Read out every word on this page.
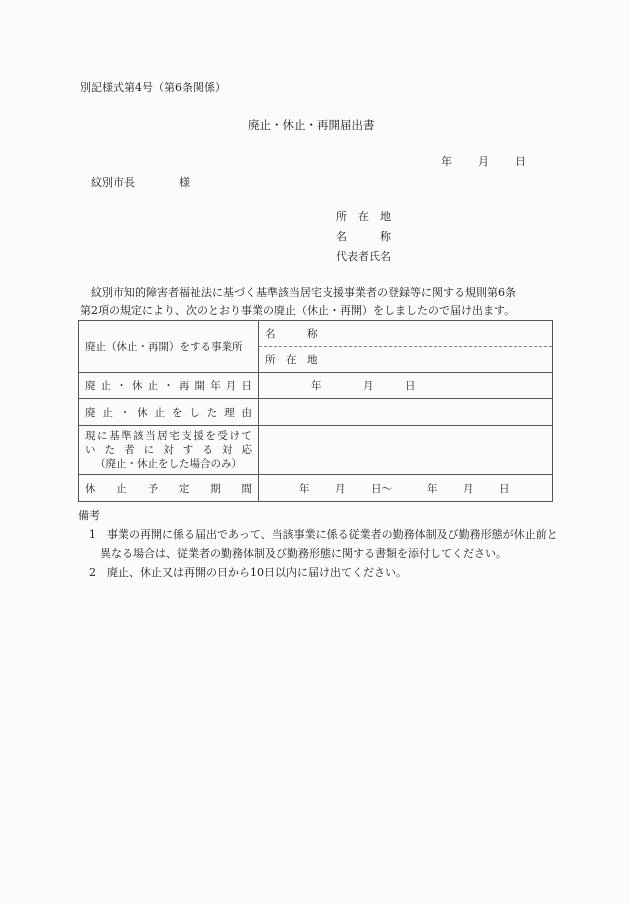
別記様式第4号（第6条関係）
廃止・休止・再開届出書
年 月 日
紋別市長	様
所　在　地
名　　　称
代表者氏名

紋別市知的障害者福祉法に基づく基準該当居宅支援事業者の登録等に関する規則第6条

第2項の規定により、次のとおり事業の廃止（休止・再開）をしましたので届け出ます。

廃止（休止・再開）をする事業所	名　　　称
	所　在　地
廃止・休止・再開年月日	年 月 日
廃止・休止をした理由	

現に基準該当居宅支援を受けて
いた者に対する対応
（廃止・休止をした場合のみ）	

休止予定期間	年 月 日～ 年 月 日
備考

1 事業の再開に係る届出であって、当該事業に係る従業者の勤務体制及び勤務形態が休止前と異なる場合は、従業者の勤務体制及び勤務形態に関する書類を添付してください。

2 廃止、休止又は再開の日から10日以内に届け出てください。
